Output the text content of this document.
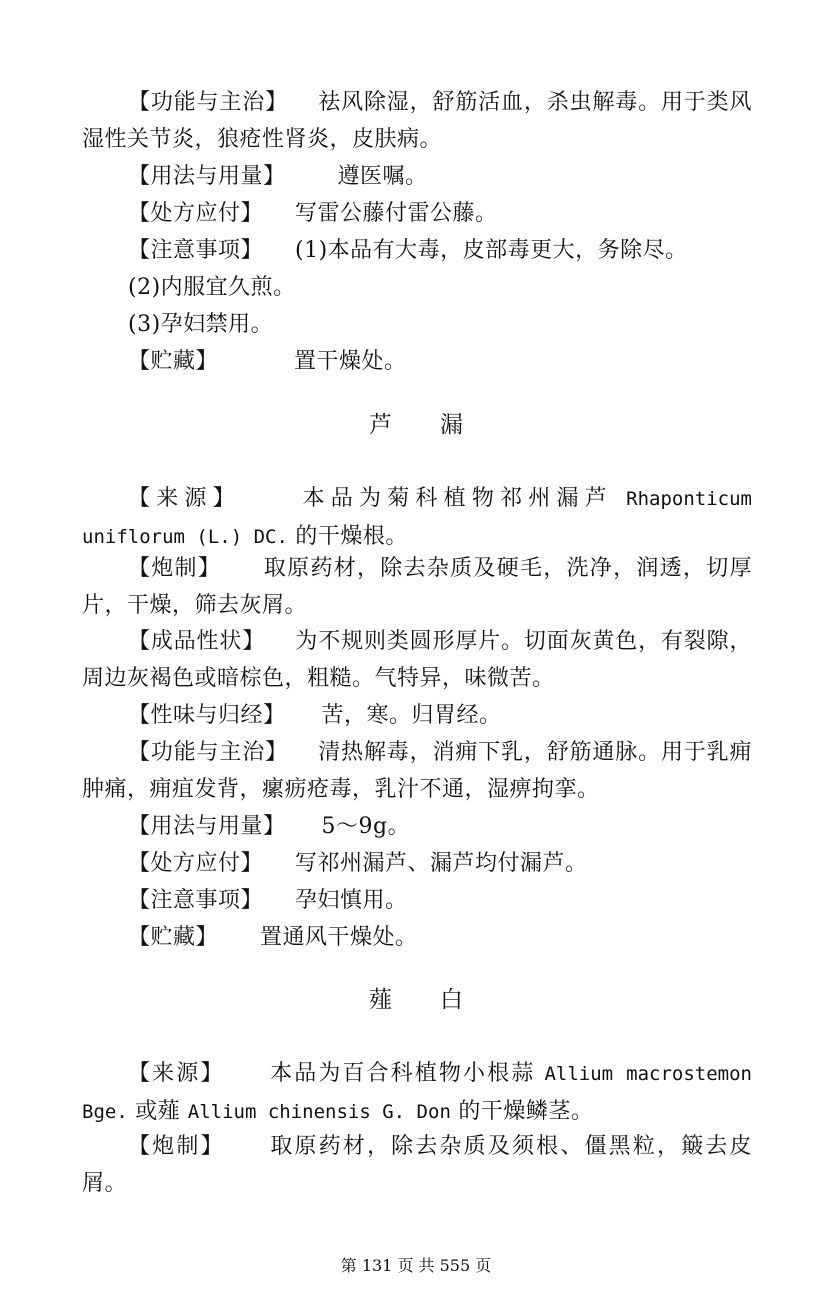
【功能与主治】 祛风除湿，舒筋活血，杀虫解毒。用于类风湿性关节炎，狼疮性肾炎，皮肤病。

【用法与用量】 遵医嘱。

【处方应付】 写雷公藤付雷公藤。

【注意事项】 (1)本品有大毒，皮部毒更大，务除尽。

(2)内服宜久煎。

(3)孕妇禁用。

【贮藏】	置干燥处。

芦 漏

【来源】	本品为菊科植物祁州漏芦 Rhaponticum uniflorum (L.) DC. 的干燥根。

【炮制】 取原药材，除去杂质及硬毛，洗净，润透，切厚片，干燥，筛去灰屑。

【成品性状】 为不规则类圆形厚片。切面灰黄色，有裂隙，周边灰褐色或暗棕色，粗糙。气特异，味微苦。

【性味与归经】 苦，寒。归胃经。

【功能与主治】 清热解毒，消痈下乳，舒筋通脉。用于乳痈肿痛，痈疽发背，瘰疬疮毒，乳汁不通，湿痹拘挛。

【用法与用量】 5～9g。

【处方应付】 写祁州漏芦、漏芦均付漏芦。

【注意事项】 孕妇慎用。

【贮藏】 置通风干燥处。

薤 白

【来源】 本品为百合科植物小根蒜 Allium macrostemon Bge. 或薤 Allium chinensis G. Don 的干燥鳞茎。

【炮制】 取原药材，除去杂质及须根、僵黑粒，簸去皮屑。

第 131 页 共 555 页
